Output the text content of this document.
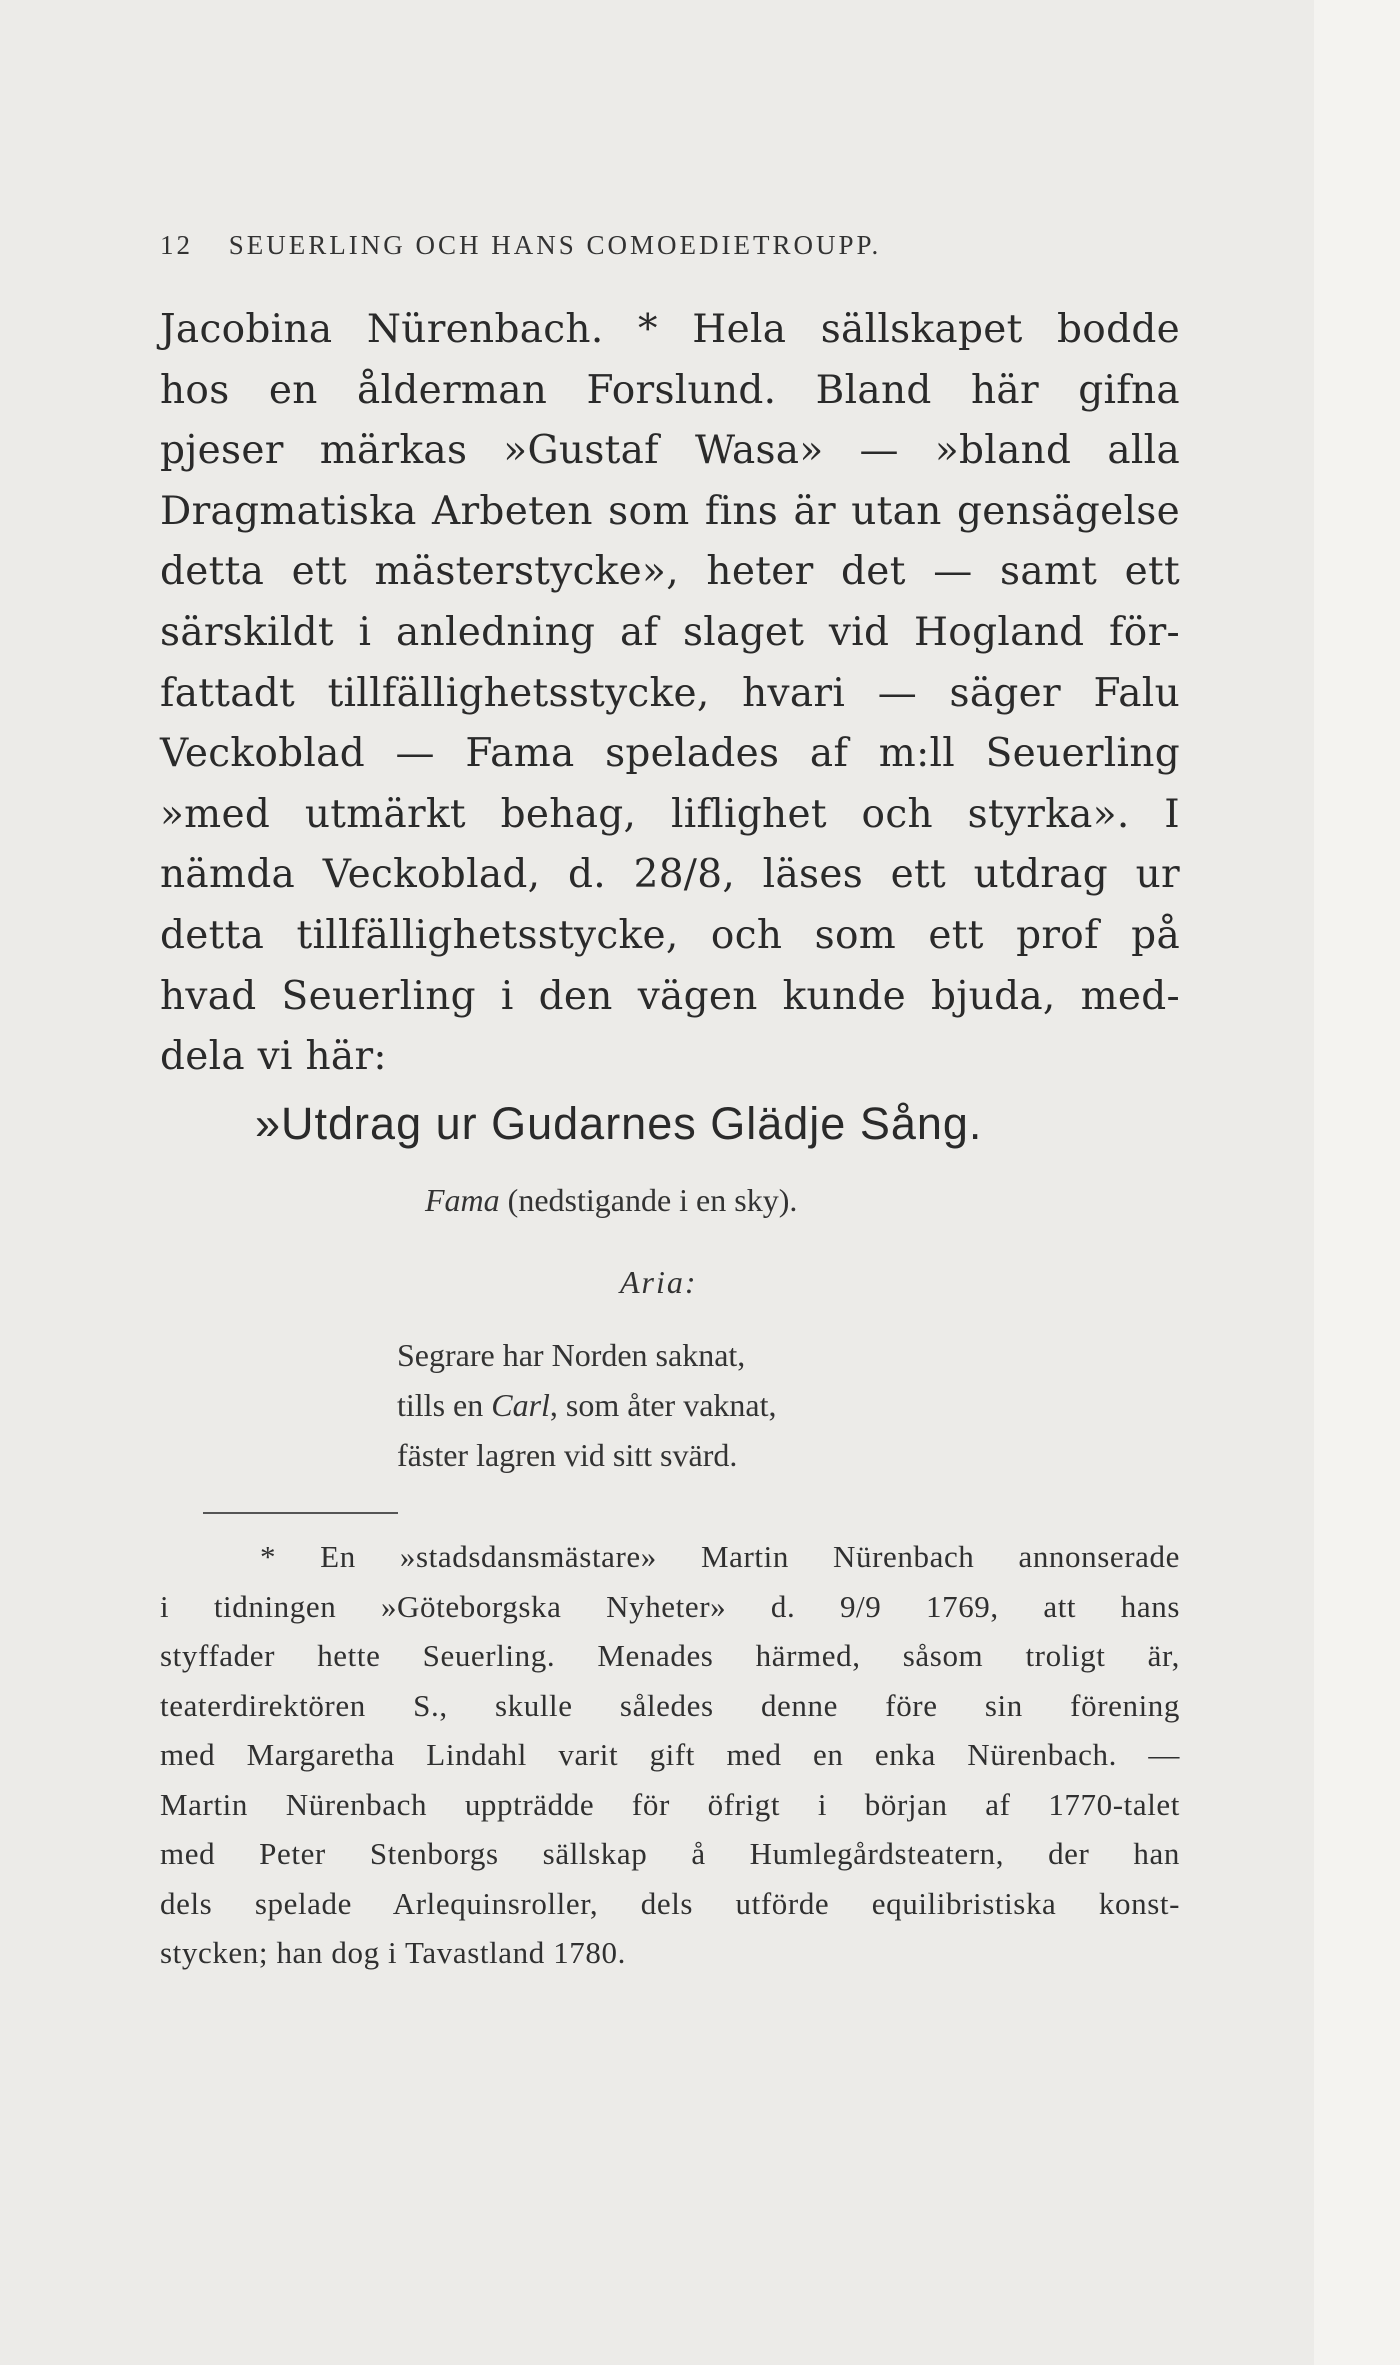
12 SEUERLING OCH HANS COMOEDIETROUPP.
Jacobina Nürenbach. * Hela sällskapet bodde
hos en ålderman Forslund. Bland här gifna
pjeser märkas »Gustaf Wasa» — »bland alla
Dragmatiska Arbeten som fins är utan gensägelse
detta ett mästerstycke», heter det — samt ett
särskildt i anledning af slaget vid Hogland för-
fattadt tillfällighetsstycke, hvari — säger Falu
Veckoblad — Fama spelades af m:ll Seuerling
»med utmärkt behag, liflighet och styrka». I
nämda Veckoblad, d. 28/8, läses ett utdrag ur
detta tillfällighetsstycke, och som ett prof på
hvad Seuerling i den vägen kunde bjuda, med-
dela vi här:
»Utdrag ur Gudarnes Glädje Sång.
Fama (nedstigande i en sky).
Aria:
Segrare har Norden saknat,
tills en Carl, som åter vaknat,
fäster lagren vid sitt svärd.
* En »stadsdansmästare» Martin Nürenbach annonserade
i tidningen »Göteborgska Nyheter» d. 9/9 1769, att hans
styffader hette Seuerling. Menades härmed, såsom troligt är,
teaterdirektören S., skulle således denne före sin förening
med Margaretha Lindahl varit gift med en enka Nürenbach. —
Martin Nürenbach uppträdde för öfrigt i början af 1770-talet
med Peter Stenborgs sällskap å Humlegårdsteatern, der han
dels spelade Arlequinsroller, dels utförde equilibristiska konst-
stycken; han dog i Tavastland 1780.
